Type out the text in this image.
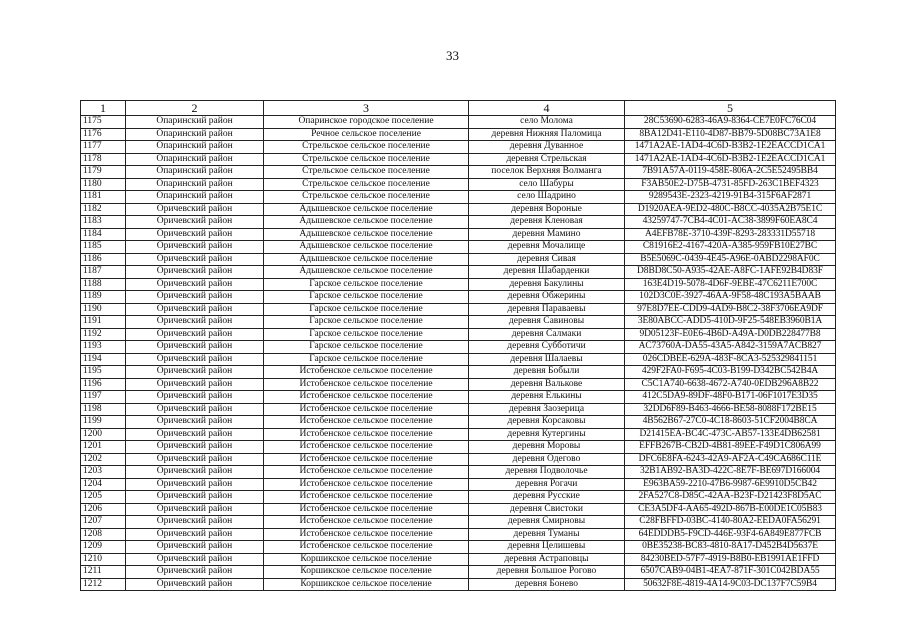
33
1	2	3	4	5
1175	Опаринский район	Опаринское городское поселение	село Молома	28C53690-6283-46A9-8364-CE7E0FC76C04
1176	Опаринский район	Речное сельское поселение	деревня Нижняя Паломица	8BA12D41-E110-4D87-BB79-5D08BC73A1E8
1177	Опаринский район	Стрельское сельское поселение	деревня Дуванное	1471A2AE-1AD4-4C6D-B3B2-1E2EACCD1CA1
1178	Опаринский район	Стрельское сельское поселение	деревня Стрельская	1471A2AE-1AD4-4C6D-B3B2-1E2EACCD1CA1
1179	Опаринский район	Стрельское сельское поселение	поселок Верхняя Волманга	7B91A57A-0119-458E-806A-2C5E52495BB4
1180	Опаринский район	Стрельское сельское поселение	село Шабуры	F3AB50E2-D75B-4731-85FD-263C1BEF4323
1181	Опаринский район	Стрельское сельское поселение	село Шадрино	9289543E-2323-4219-91B4-315F6AF2871
1182	Оричевский район	Адышевское сельское поселение	деревня Вороные	D1920AEA-9ED2-480C-B8CC-4035A2B75E1C
1183	Оричевский район	Адышевское сельское поселение	деревня Кленовая	43259747-7CB4-4C01-AC38-3899F60EA8C4
1184	Оричевский район	Адышевское сельское поселение	деревня Мамино	A4EFB78E-3710-439F-8293-283331D55718
1185	Оричевский район	Адышевское сельское поселение	деревня Мочалище	C81916E2-4167-420A-A385-959FB10E27BC
1186	Оричевский район	Адышевское сельское поселение	деревня Сивая	B5E5069C-0439-4E45-A96E-0ABD2298AF0C
1187	Оричевский район	Адышевское сельское поселение	деревня Шабарденки	D8BD8C50-A935-42AE-A8FC-1AFE92B4D83F
1188	Оричевский район	Гарское сельское поселение	деревня Бакулины	163E4D19-5078-4D6F-9EBE-47C6211E700C
1189	Оричевский район	Гарское сельское поселение	деревня Обжерины	102D3C0E-3927-46AA-9F58-48C193A5BAAB
1190	Оричевский район	Гарское сельское поселение	деревня Параваевы	97E8D7EE-CDD9-4AD9-B8C2-38F3706EA9DF
1191	Оричевский район	Гарское сельское поселение	деревня Савиновы	3E80ABCC-ADD5-410D-9F25-548EB3960B1A
1192	Оричевский район	Гарское сельское поселение	деревня Салмаки	9D05123F-E0E6-4B6D-A49A-D0DB228477B8
1193	Оричевский район	Гарское сельское поселение	деревня Субботичи	AC73760A-DA55-43A5-A842-3159A7ACB827
1194	Оричевский район	Гарское сельское поселение	деревня Шалаевы	026CDBEE-629A-483F-8CA3-525329841151
1195	Оричевский район	Истобенское сельское поселение	деревня Бобыли	429F2FA0-F695-4C03-B199-D342BC542B4A
1196	Оричевский район	Истобенское сельское поселение	деревня Валькове	C5C1A740-6638-4672-A740-0EDB296A8B22
1197	Оричевский район	Истобенское сельское поселение	деревня Елькины	412C5DA9-89DF-48F0-B171-06F1017E3D35
1198	Оричевский район	Истобенское сельское поселение	деревня Заозерица	32DD6F89-B463-4666-BE58-8088F172BE15
1199	Оричевский район	Истобенское сельское поселение	деревня Корсаковы	4B562B67-27C0-4C18-8603-51CF2004B8CA
1200	Оричевский район	Истобенское сельское поселение	деревня Кутергины	D21415EA-BC4C-473C-AB57-133E4DB62581
1201	Оричевский район	Истобенское сельское поселение	деревня Моровы	EFFB267B-CB2D-4B81-89EE-F49D1C806A99
1202	Оричевский район	Истобенское сельское поселение	деревня Одегово	DFC6E8FA-6243-42A9-AF2A-C49CA686C11E
1203	Оричевский район	Истобенское сельское поселение	деревня Подволочье	32B1AB92-BA3D-422C-8E7F-BE697D166004
1204	Оричевский район	Истобенское сельское поселение	деревня Рогачи	E963BA59-2210-47B6-9987-6E9910D5CB42
1205	Оричевский район	Истобенское сельское поселение	деревня Русские	2FA527C8-D85C-42AA-B23F-D21423F8D5AC
1206	Оричевский район	Истобенское сельское поселение	деревня Свистоки	CE3A5DF4-AA65-492D-867B-E00DE1C05B83
1207	Оричевский район	Истобенское сельское поселение	деревня Смирновы	C28FBFFD-03BC-4140-80A2-EEDA0FA56291
1208	Оричевский район	Истобенское сельское поселение	деревня Туманы	64EDDDB5-F9CD-446E-93F4-6A849E877FCB
1209	Оричевский район	Истобенское сельское поселение	деревня Целишевы	0BE35238-BC83-4810-8A17-D452B4D5637E
1210	Оричевский район	Коршикское сельское поселение	деревня Астраповцы	84230BED-57F7-4919-B8B0-EB1991AE1FFD
1211	Оричевский район	Коршикское сельское поселение	деревня Большое Рогово	6507CAB9-04B1-4EA7-871F-301C042BDA55
1212	Оричевский район	Коршикское сельское поселение	деревня Бонево	50632F8E-4819-4A14-9C03-DC137F7C59B4
